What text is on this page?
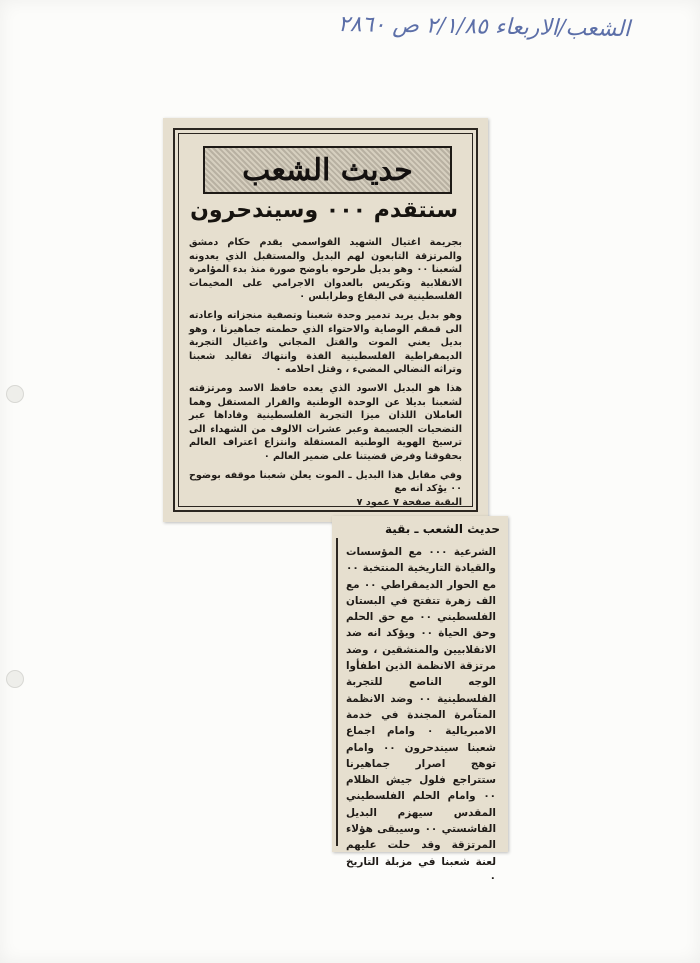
الشعب/الاربعاء ٢/١/٨٥ ص ٢٨٦٠
حديث الشعب
سنتقدم ٠٠٠ وسيندحرون

بجريمة اغتيال الشهيد القواسمي يقدم حكام دمشق والمرتزقة التابعون لهم البديل والمستقبل الذي يعدونه لشعبنا ٠٠ وهو بديل طرحوه باوضح صورة منذ بدء المؤامرة الانقلابية وتكريس بالعدوان الاجرامي على المخيمات الفلسطينية في البقاع وطرابلس ٠

وهو بديل يريد تدمير وحدة شعبنا وتصفية منجزاته واعادته الى قمقم الوصاية والاحتواء الذي حطمته جماهيرنا ، وهو بديل يعني الموت والقتل المجاني واغتيال التجربة الديمقراطية الفلسطينية الفذة وانتهاك تقاليد شعبنا وتراثه النضالي المضيء ، وقتل احلامه ٠

هذا هو البديل الاسود الذي يعده حافظ الاسد ومرتزقته لشعبنا بديلا عن الوحدة الوطنية والقرار المستقل وهما العاملان اللذان ميزا التجربة الفلسطينية وقاداها عبر التضحيات الجسيمة وعبر عشرات الالوف من الشهداء الى ترسيخ الهوية الوطنية المستقلة وانتزاع اعتراف العالم بحقوقنا وفرض قضيتنا على ضمير العالم ٠

وفي مقابل هذا البديل ـ الموت يعلن شعبنا موقفه بوضوح ٠٠ يؤكد انه مع

البقية صفحة ٧ عمود ٧
حديث الشعب ـ بقية
الشرعية ٠٠٠ مع المؤسسات والقيادة التاريخية المنتخبة ٠٠ مع الحوار الديمقراطي ٠٠ مع الف زهرة تتفتح في البستان الفلسطيني ٠٠ مع حق الحلم وحق الحياة ٠٠ ويؤكد انه ضد الانقلابيين والمنشقين ، وضد مرتزقة الانظمة الذين اطفأوا الوجه الناصع للتجربة الفلسطينية ٠٠ وضد الانظمة المتآمرة المجندة في خدمة الامبريالية ٠ وامام اجماع شعبنا سيندحرون ٠٠ وامام توهج اصرار جماهيرنا ستتراجع فلول جيش الظلام ٠٠ وامام الحلم الفلسطيني المقدس سيهزم البديل الفاشستي ٠٠ وسيبقى هؤلاء المرتزقة وقد حلت عليهم لعنة شعبنا في مزبلة التاريخ ٠
